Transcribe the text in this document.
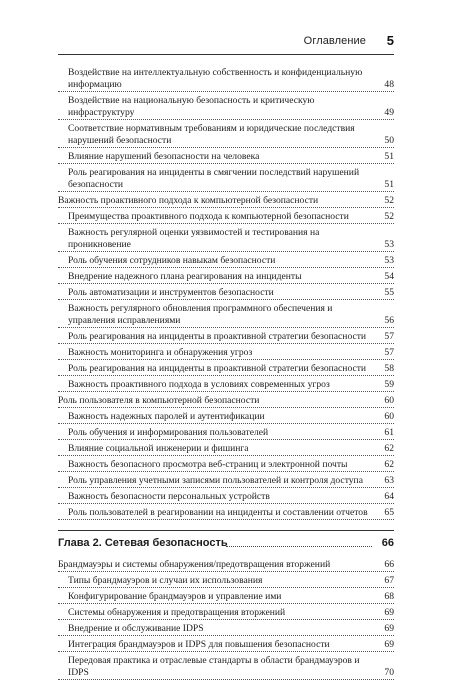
Оглавление 5
Воздействие на интеллектуальную собственность и конфиденциальную информацию	48
Воздействие на национальную безопасность и критическую инфраструктуру	49
Соответствие нормативным требованиям и юридические последствия нарушений безопасности	50
Влияние нарушений безопасности на человека	51
Роль реагирования на инциденты в смягчении последствий нарушений безопасности	51
Важность проактивного подхода к компьютерной безопасности	52
Преимущества проактивного подхода к компьютерной безопасности	52
Важность регулярной оценки уязвимостей и тестирования на проникновение	53
Роль обучения сотрудников навыкам безопасности	53
Внедрение надежного плана реагирования на инциденты	54
Роль автоматизации и инструментов безопасности	55
Важность регулярного обновления программного обеспечения и управления исправлениями	56
Роль реагирования на инциденты в проактивной стратегии безопасности	57
Важность мониторинга и обнаружения угроз	57
Роль реагирования на инциденты в проактивной стратегии безопасности	58
Важность проактивного подхода в условиях современных угроз	59
Роль пользователя в компьютерной безопасности	60
Важность надежных паролей и аутентификации	60
Роль обучения и информирования пользователей	61
Влияние социальной инженерии и фишинга	62
Важность безопасного просмотра веб-страниц и электронной почты	62
Роль управления учетными записями пользователей и контроля доступа	63
Важность безопасности персональных устройств	64
Роль пользователей в реагировании на инциденты и составлении отчетов	65
Глава 2. Сетевая безопасность	66
Брандмауэры и системы обнаружения/предотвращения вторжений	66
Типы брандмауэров и случаи их использования	67
Конфигурирование брандмауэров и управление ими	68
Системы обнаружения и предотвращения вторжений	69
Внедрение и обслуживание IDPS	69
Интеграция брандмауэров и IDPS для повышения безопасности	69
Передовая практика и отраслевые стандарты в области брандмауэров и IDPS	70
